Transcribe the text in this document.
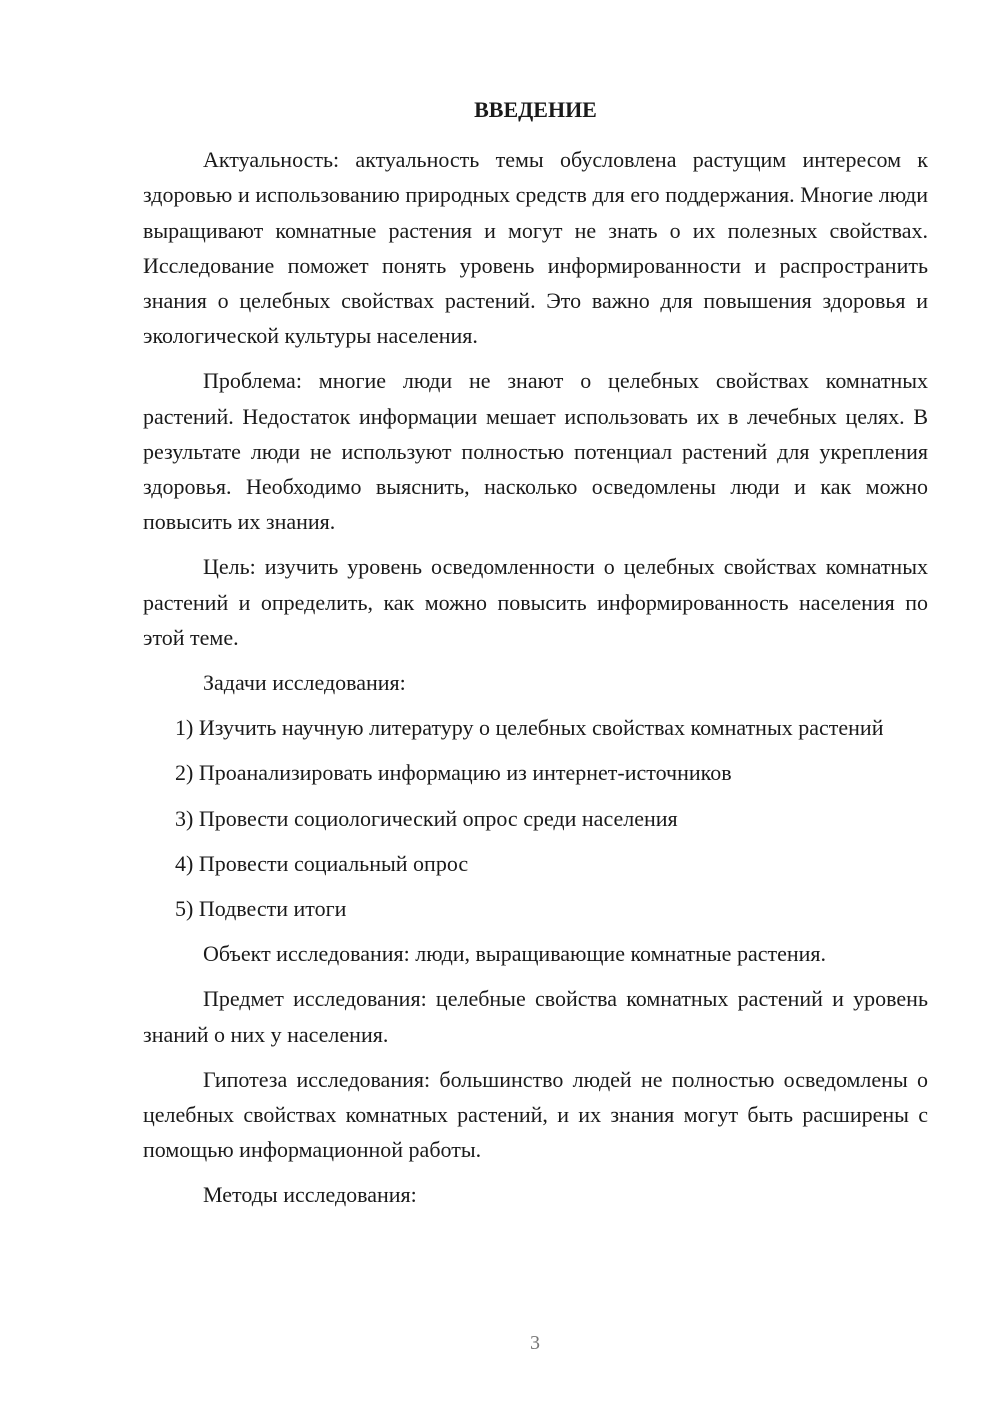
ВВЕДЕНИЕ

Актуальность: актуальность темы обусловлена растущим интересом к здоровью и использованию природных средств для его поддержания. Многие люди выращивают комнатные растения и могут не знать о их полезных свойствах. Исследование поможет понять уровень информированности и распространить знания о целебных свойствах растений. Это важно для повышения здоровья и экологической культуры населения.

Проблема: многие люди не знают о целебных свойствах комнатных растений. Недостаток информации мешает использовать их в лечебных целях. В результате люди не используют полностью потенциал растений для укрепления здоровья. Необходимо выяснить, насколько осведомлены люди и как можно повысить их знания.

Цель: изучить уровень осведомленности о целебных свойствах комнатных растений и определить, как можно повысить информированность населения по этой теме.

Задачи исследования:

1) Изучить научную литературу о целебных свойствах комнатных растений

2) Проанализировать информацию из интернет-источников

3) Провести социологический опрос среди населения

4) Провести социальный опрос

5) Подвести итоги

Объект исследования: люди, выращивающие комнатные растения.

Предмет исследования: целебные свойства комнатных растений и уровень знаний о них у населения.

Гипотеза исследования: большинство людей не полностью осведомлены о целебных свойствах комнатных растений, и их знания могут быть расширены с помощью информационной работы.

Методы исследования:

3
